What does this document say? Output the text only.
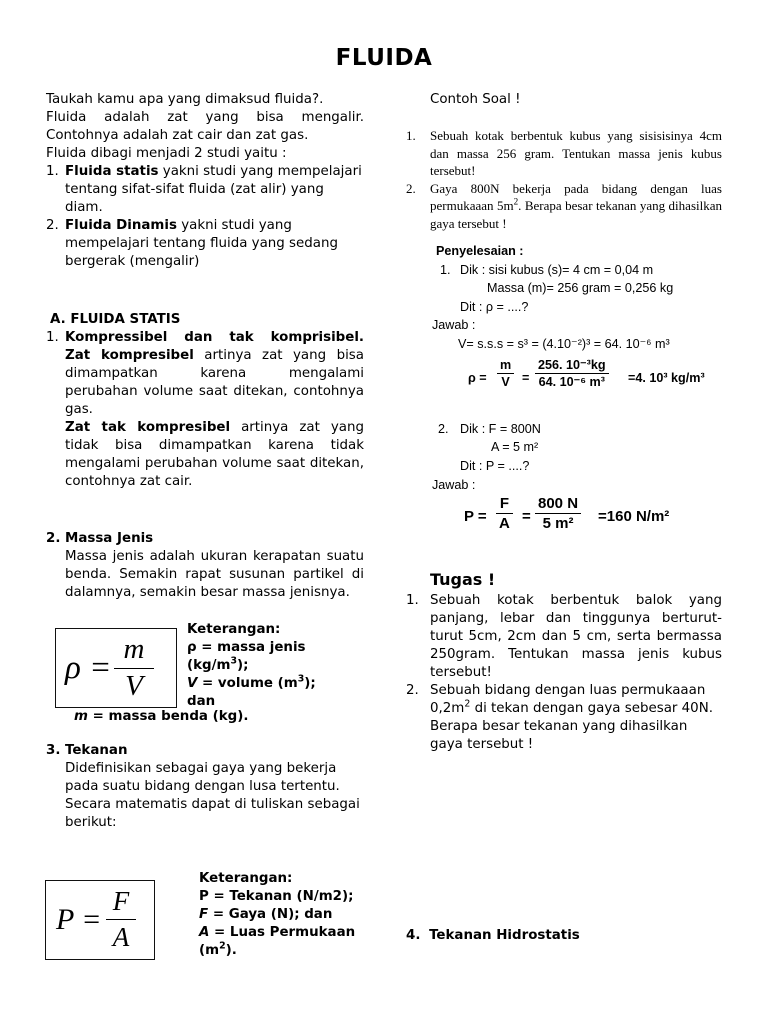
FLUIDA
Taukah kamu apa yang dimaksud fluida?.
Fluida adalah zat yang bisa mengalir. Contohnya adalah zat cair dan zat gas.
Fluida dibagi menjadi 2 studi yaitu :
1. Fluida statis yakni studi yang mempelajari tentang sifat-sifat fluida (zat alir) yang diam.
2. Fluida Dinamis yakni studi yang mempelajari tentang fluida yang sedang bergerak (mengalir)
A. FLUIDA STATIS
1. Kompressibel dan tak komprisibel.
Zat kompresibel artinya zat yang bisa dimampatkan karena mengalami perubahan volume saat ditekan, contohnya gas.
Zat tak kompresibel artinya zat yang tidak bisa dimampatkan karena tidak mengalami perubahan volume saat ditekan, contohnya zat cair.
2. Massa Jenis
Massa jenis adalah ukuran kerapatan suatu benda. Semakin rapat susunan partikel di dalamnya, semakin besar massa jenisnya.
ρ =
m
V
Keterangan:
ρ = massa jenis $(kg/m^3)$;
V = volume $(m^3)$;
dan
m = massa benda (kg).
3. Tekanan
Didefinisikan sebagai gaya yang bekerja
pada suatu bidang dengan lusa tertentu.
Secara matematis dapat di tuliskan sebagai berikut:
P =
F
A
Keterangan:
P = Tekanan (N/m2);
F = Gaya (N); dan
A = Luas Permukaan $(m^2)$.
Contoh Soal !
1. Sebuah kotak berbentuk kubus yang sisisisinya 4cm dan massa 256 gram. Tentukan massa jenis kubus tersebut!
2. Gaya 800N bekerja pada bidang dengan luas permukaaan $5m^2$. Berapa besar tekanan yang dihasilkan gaya tersebut !
Penyelesaian :
1. Dik : sisi kubus (s)= 4 cm = 0,04 m
Massa (m)= 256 gram = 0,256 kg
Dit : ρ = ....?
Jawab :
V= s.s.s = s³ = (4.10⁻²)³ = 64. 10⁻⁶ m³
$\rho = \frac{m}{V} = \frac{\text{256. 10⁻³kg}}{\text{64. 10⁻⁶ m³}} =4$. 10³ kg/m³
2. Dik : F = 800N
A = 5 m²
Dit : P = ....?
Jawab :
$P = \frac{F}{A} = \frac{800 N}{\text{5 m²}} =160$ N/m²
Tugas !
1. Sebuah kotak berbentuk balok yang panjang, lebar dan tinggunya berturut-turut 5cm, 2cm dan 5 cm, serta bermassa 250gram. Tentukan massa jenis kubus tersebut!
2. Sebuah bidang dengan luas permukaaan
$0,2m^2$ di tekan dengan gaya sebesar 40N. Berapa besar tekanan yang dihasilkan gaya tersebut !
4. Tekanan Hidrostatis
